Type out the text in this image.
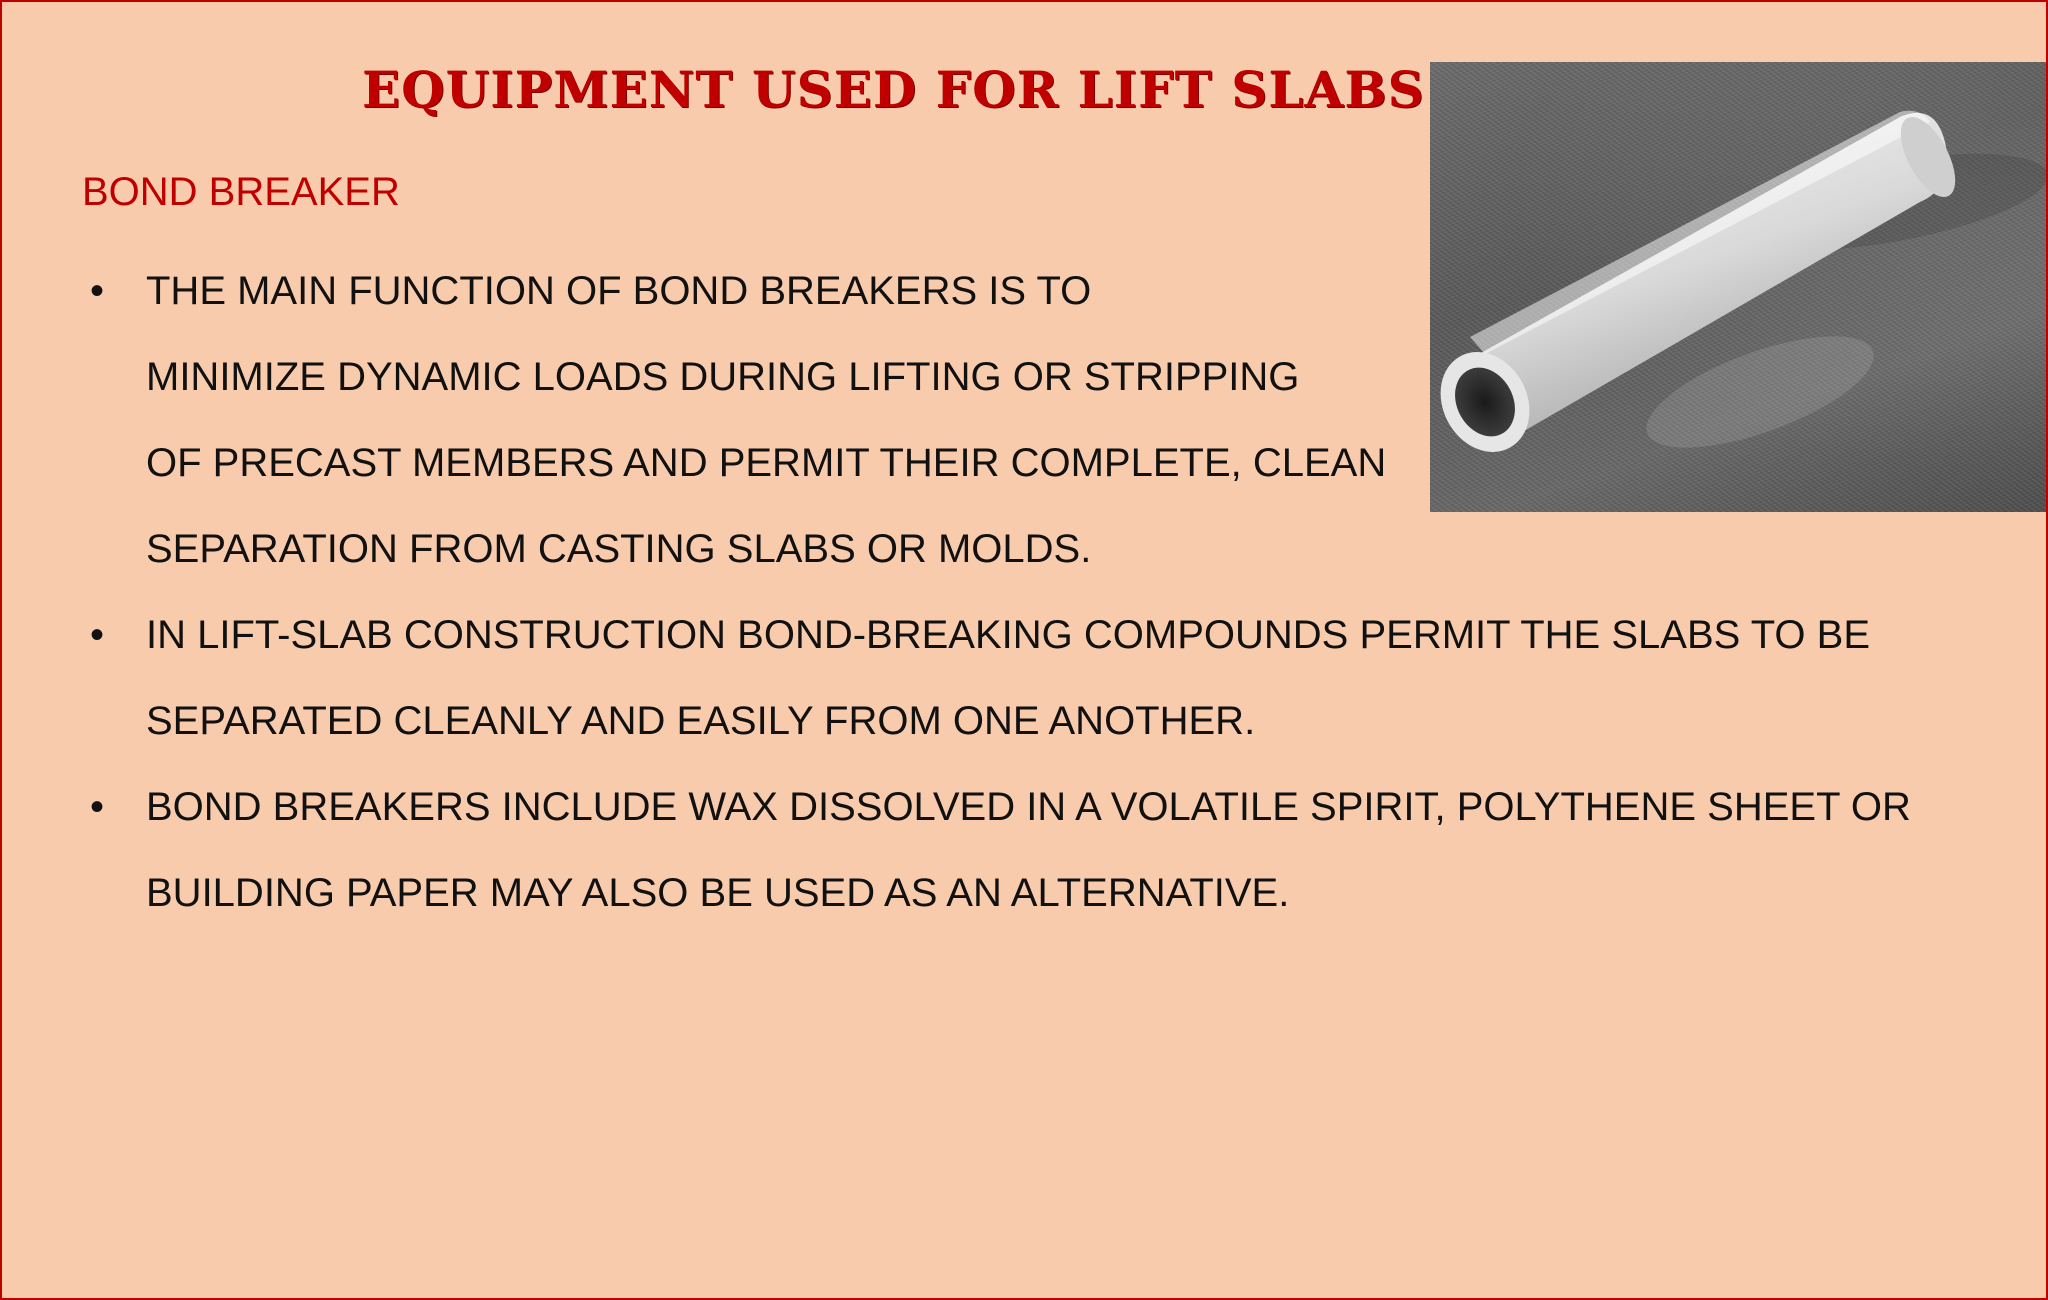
EQUIPMENT USED FOR LIFT SLABS
BOND BREAKER
• THE MAIN FUNCTION OF BOND BREAKERS IS TO
MINIMIZE DYNAMIC LOADS DURING LIFTING OR STRIPPING
OF PRECAST MEMBERS AND PERMIT THEIR COMPLETE, CLEAN
SEPARATION FROM CASTING SLABS OR MOLDS.
• IN LIFT-SLAB CONSTRUCTION BOND-BREAKING COMPOUNDS PERMIT THE SLABS TO BE
SEPARATED CLEANLY AND EASILY FROM ONE ANOTHER.
• BOND BREAKERS INCLUDE WAX DISSOLVED IN A VOLATILE SPIRIT, POLYTHENE SHEET OR
BUILDING PAPER MAY ALSO BE USED AS AN ALTERNATIVE.
